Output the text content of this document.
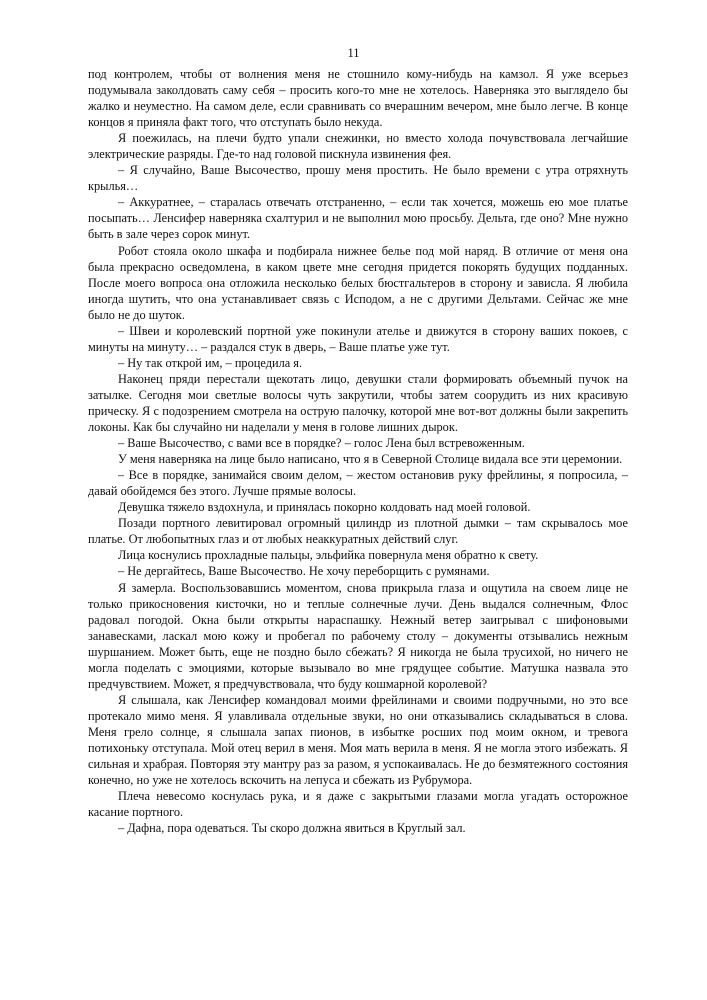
11

под контролем, чтобы от волнения меня не стошнило кому-нибудь на камзол. Я уже всерьез подумывала заколдовать саму себя – просить кого-то мне не хотелось. Наверняка это выглядело бы жалко и неуместно. На самом деле, если сравнивать со вчерашним вечером, мне было легче. В конце концов я приняла факт того, что отступать было некуда.

Я поежилась, на плечи будто упали снежинки, но вместо холода почувствовала легчайшие электрические разряды. Где-то над головой пискнула извинения фея.

– Я случайно, Ваше Высочество, прошу меня простить. Не было времени с утра отряхнуть крылья…

– Аккуратнее, – старалась отвечать отстраненно, – если так хочется, можешь ею мое платье посыпать… Ленсифер наверняка схалтурил и не выполнил мою просьбу. Дельта, где оно? Мне нужно быть в зале через сорок минут.

Робот стояла около шкафа и подбирала нижнее белье под мой наряд. В отличие от меня она была прекрасно осведомлена, в каком цвете мне сегодня придется покорять будущих подданных. После моего вопроса она отложила несколько белых бюстгальтеров в сторону и зависла. Я любила иногда шутить, что она устанавливает связь с Исподом, а не с другими Дельтами. Сейчас же мне было не до шуток.

– Швеи и королевский портной уже покинули ателье и движутся в сторону ваших покоев, с минуты на минуту… – раздался стук в дверь, – Ваше платье уже тут.

– Ну так открой им, – процедила я.

Наконец пряди перестали щекотать лицо, девушки стали формировать объемный пучок на затылке. Сегодня мои светлые волосы чуть закрутили, чтобы затем соорудить из них красивую прическу. Я с подозрением смотрела на острую палочку, которой мне вот-вот должны были закрепить локоны. Как бы случайно ни наделали у меня в голове лишних дырок.

– Ваше Высочество, с вами все в порядке? – голос Лена был встревоженным.

У меня наверняка на лице было написано, что я в Северной Столице видала все эти церемонии.

– Все в порядке, занимайся своим делом, – жестом остановив руку фрейлины, я попросила, – давай обойдемся без этого. Лучше прямые волосы.

Девушка тяжело вздохнула, и принялась покорно колдовать над моей головой.

Позади портного левитировал огромный цилиндр из плотной дымки – там скрывалось мое платье. От любопытных глаз и от любых неаккуратных действий слуг.

Лица коснулись прохладные пальцы, эльфийка повернула меня обратно к свету.

– Не дергайтесь, Ваше Высочество. Не хочу переборщить с румянами.

Я замерла. Воспользовавшись моментом, снова прикрыла глаза и ощутила на своем лице не только прикосновения кисточки, но и теплые солнечные лучи. День выдался солнечным, Флос радовал погодой. Окна были открыты нараспашку. Нежный ветер заигрывал с шифоновыми занавесками, ласкал мою кожу и пробегал по рабочему столу – документы отзывались нежным шуршанием. Может быть, еще не поздно было сбежать? Я никогда не была трусихой, но ничего не могла поделать с эмоциями, которые вызывало во мне грядущее событие. Матушка назвала это предчувствием. Может, я предчувствовала, что буду кошмарной королевой?

Я слышала, как Ленсифер командовал моими фрейлинами и своими подручными, но это все протекало мимо меня. Я улавливала отдельные звуки, но они отказывались складываться в слова. Меня грело солнце, я слышала запах пионов, в избытке росших под моим окном, и тревога потихоньку отступала. Мой отец верил в меня. Моя мать верила в меня. Я не могла этого избежать. Я сильная и храбрая. Повторяя эту мантру раз за разом, я успокаивалась. Не до безмятежного состояния конечно, но уже не хотелось вскочить на лепуса и сбежать из Рубрумора.

Плеча невесомо коснулась рука, и я даже с закрытыми глазами могла угадать осторожное касание портного.

– Дафна, пора одеваться. Ты скоро должна явиться в Круглый зал.
